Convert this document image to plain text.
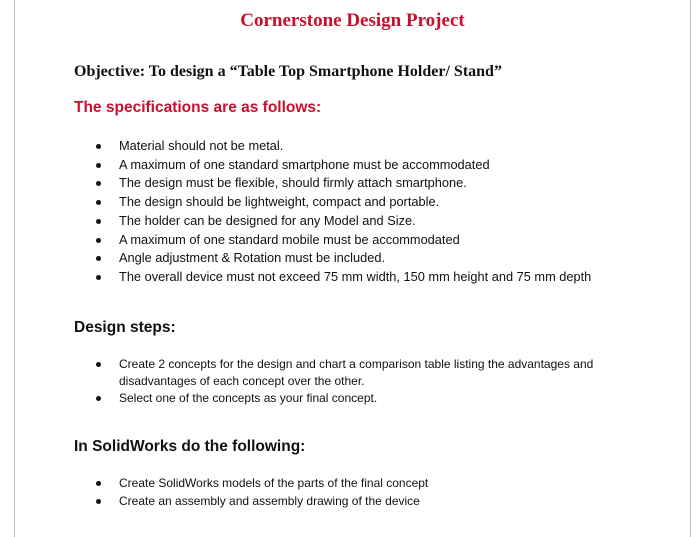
Cornerstone Design Project
Objective: To design a “Table Top Smartphone Holder/ Stand”
The specifications are as follows:
Material should not be metal.
A maximum of one standard smartphone must be accommodated
The design must be flexible, should firmly attach smartphone.
The design should be lightweight, compact and portable.
The holder can be designed for any Model and Size.
A maximum of one standard mobile must be accommodated
Angle adjustment & Rotation must be included.
The overall device must not exceed 75 mm width, 150 mm height and 75 mm depth
Design steps:
Create 2 concepts for the design and chart a comparison table listing the advantages and disadvantages of each concept over the other.
Select one of the concepts as your final concept.
In SolidWorks do the following:
Create SolidWorks models of the parts of the final concept
Create an assembly and assembly drawing of the device
